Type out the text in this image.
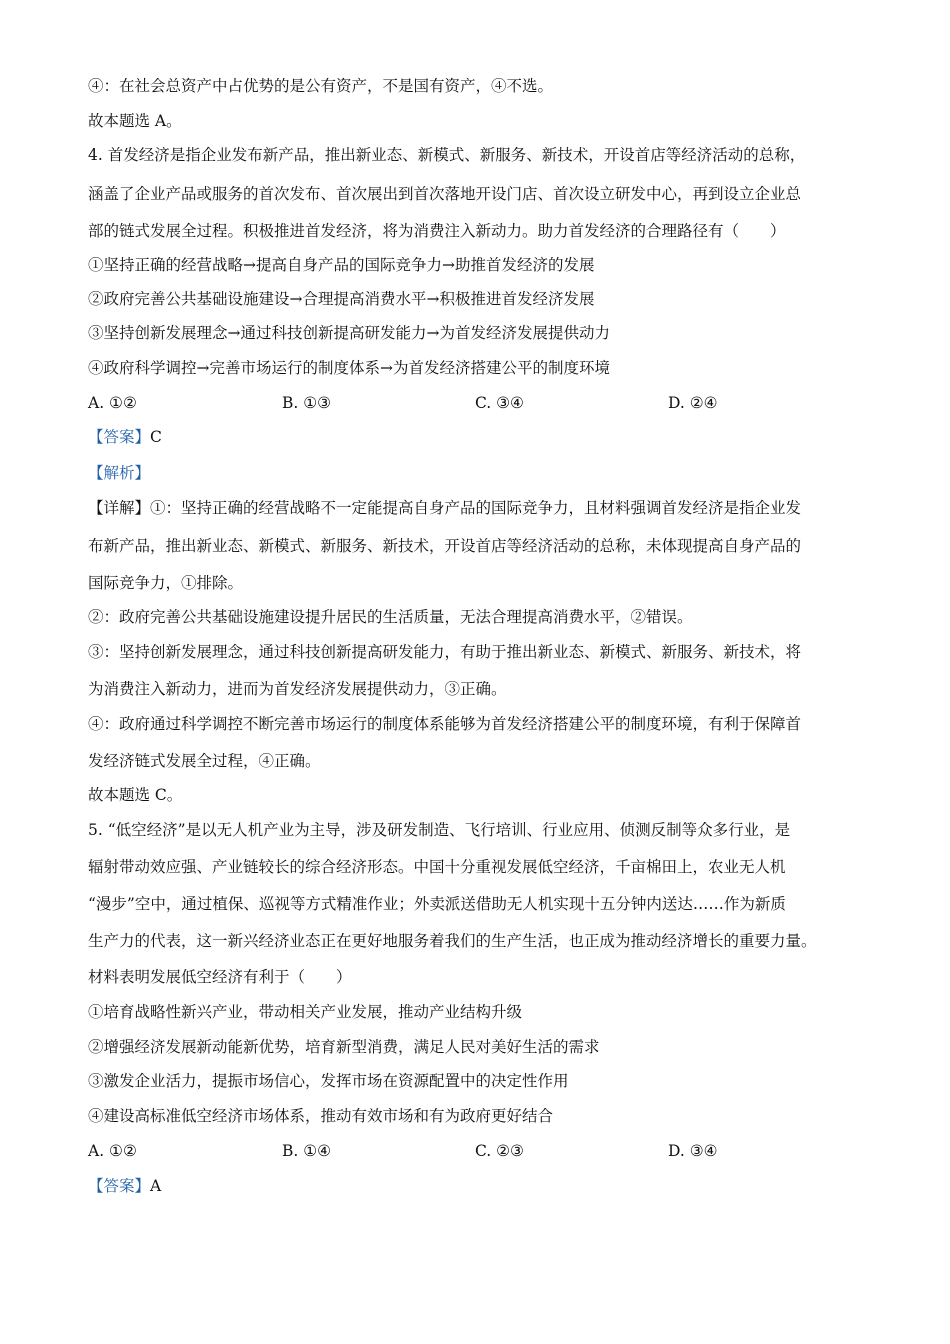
④：在社会总资产中占优势的是公有资产，不是国有资产，④不选。
故本题选 A。
4. 首发经济是指企业发布新产品，推出新业态、新模式、新服务、新技术，开设首店等经济活动的总称，
涵盖了企业产品或服务的首次发布、首次展出到首次落地开设门店、首次设立研发中心，再到设立企业总
部的链式发展全过程。积极推进首发经济，将为消费注入新动力。助力首发经济的合理路径有（　　）
①坚持正确的经营战略→提高自身产品的国际竞争力→助推首发经济的发展
②政府完善公共基础设施建设→合理提高消费水平→积极推进首发经济发展
③坚持创新发展理念→通过科技创新提高研发能力→为首发经济发展提供动力
④政府科学调控→完善市场运行的制度体系→为首发经济搭建公平的制度环境
A. ①②	B. ①③	C. ③④	D. ②④
【答案】C
【解析】
【详解】①：坚持正确的经营战略不一定能提高自身产品的国际竞争力，且材料强调首发经济是指企业发
布新产品，推出新业态、新模式、新服务、新技术，开设首店等经济活动的总称，未体现提高自身产品的
国际竞争力，①排除。
②：政府完善公共基础设施建设提升居民的生活质量，无法合理提高消费水平，②错误。
③：坚持创新发展理念，通过科技创新提高研发能力，有助于推出新业态、新模式、新服务、新技术，将
为消费注入新动力，进而为首发经济发展提供动力，③正确。
④：政府通过科学调控不断完善市场运行的制度体系能够为首发经济搭建公平的制度环境，有利于保障首
发经济链式发展全过程，④正确。
故本题选 C。
5. “低空经济”是以无人机产业为主导，涉及研发制造、飞行培训、行业应用、侦测反制等众多行业，是
辐射带动效应强、产业链较长的综合经济形态。中国十分重视发展低空经济，千亩棉田上，农业无人机
“漫步”空中，通过植保、巡视等方式精准作业；外卖派送借助无人机实现十五分钟内送达……作为新质
生产力的代表，这一新兴经济业态正在更好地服务着我们的生产生活，也正成为推动经济增长的重要力量。
材料表明发展低空经济有利于（　　）
①培育战略性新兴产业，带动相关产业发展，推动产业结构升级
②增强经济发展新动能新优势，培育新型消费，满足人民对美好生活的需求
③激发企业活力，提振市场信心，发挥市场在资源配置中的决定性作用
④建设高标准低空经济市场体系，推动有效市场和有为政府更好结合
A. ①②	B. ①④	C. ②③	D. ③④
【答案】A
